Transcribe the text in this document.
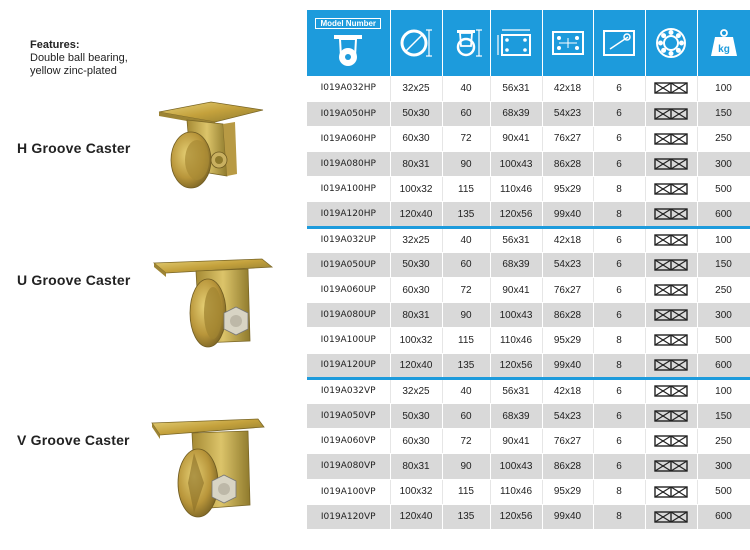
Features:
Double ball bearing,
yellow zinc-plated
H Groove Caster
U Groove Caster
V Groove Caster
Model Number							kg

I019A032HP	32x25	40	56x31	42x18	6		100
I019A050HP	50x30	60	68x39	54x23	6		150
I019A060HP	60x30	72	90x41	76x27	6		250
I019A080HP	80x31	90	100x43	86x28	6		300
I019A100HP	100x32	115	110x46	95x29	8		500
I019A120HP	120x40	135	120x56	99x40	8		600
I019A032UP	32x25	40	56x31	42x18	6		100
I019A050UP	50x30	60	68x39	54x23	6		150
I019A060UP	60x30	72	90x41	76x27	6		250
I019A080UP	80x31	90	100x43	86x28	6		300
I019A100UP	100x32	115	110x46	95x29	8		500
I019A120UP	120x40	135	120x56	99x40	8		600
I019A032VP	32x25	40	56x31	42x18	6		100
I019A050VP	50x30	60	68x39	54x23	6		150
I019A060VP	60x30	72	90x41	76x27	6		250
I019A080VP	80x31	90	100x43	86x28	6		300
I019A100VP	100x32	115	110x46	95x29	8		500
I019A120VP	120x40	135	120x56	99x40	8		600
